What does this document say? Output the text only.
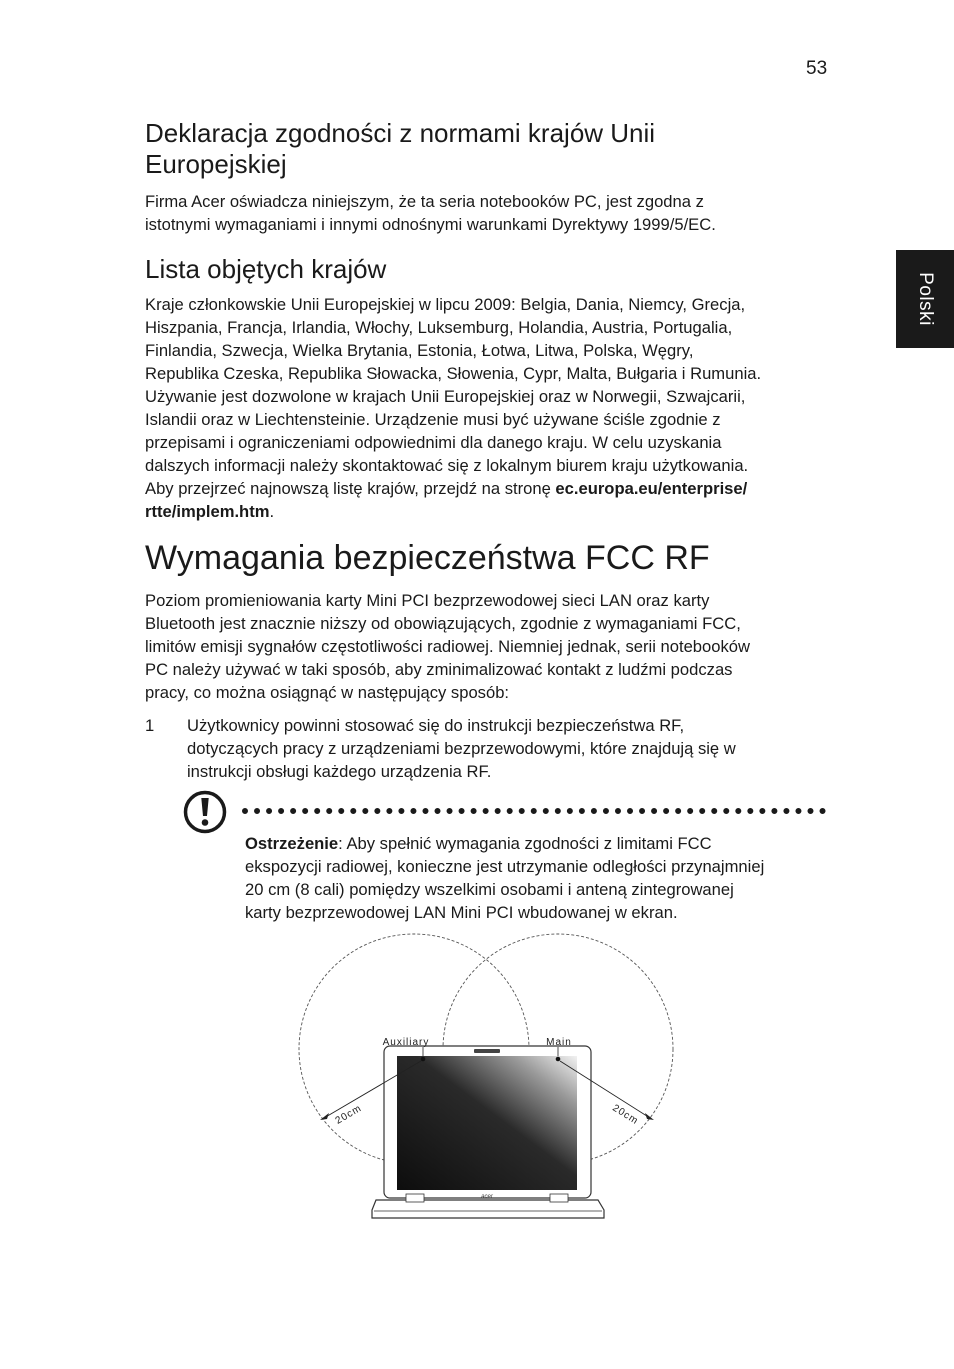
53
Polski
Deklaracja zgodności z normami krajów Unii
Europejskiej

Firma Acer oświadcza niniejszym, że ta seria notebooków PC, jest zgodna z
istotnymi wymaganiami i innymi odnośnymi warunkami Dyrektywy 1999/5/EC.

Lista objętych krajów

Kraje członkowskie Unii Europejskiej w lipcu 2009: Belgia, Dania, Niemcy, Grecja,
Hiszpania, Francja, Irlandia, Włochy, Luksemburg, Holandia, Austria, Portugalia,
Finlandia, Szwecja, Wielka Brytania, Estonia, Łotwa, Litwa, Polska, Węgry,
Republika Czeska, Republika Słowacka, Słowenia, Cypr, Malta, Bułgaria i Rumunia.
Używanie jest dozwolone w krajach Unii Europejskiej oraz w Norwegii, Szwajcarii,
Islandii oraz w Liechtensteinie. Urządzenie musi być używane ściśle zgodnie z
przepisami i ograniczeniami odpowiednimi dla danego kraju. W celu uzyskania
dalszych informacji należy skontaktować się z lokalnym biurem kraju użytkowania.
Aby przejrzeć najnowszą listę krajów, przejdź na stronę ec.europa.eu/enterprise/
rtte/implem.htm.

Wymagania bezpieczeństwa FCC RF

Poziom promieniowania karty Mini PCI bezprzewodowej sieci LAN oraz karty
Bluetooth jest znacznie niższy od obowiązujących, zgodnie z wymaganiami FCC,
limitów emisji sygnałów częstotliwości radiowej. Niemniej jednak, serii notebooków
PC należy używać w taki sposób, aby zminimalizować kontakt z ludźmi podczas
pracy, co można osiągnąć w następujący sposób:

1 Użytkownicy powinni stosować się do instrukcji bezpieczeństwa RF,
dotyczących pracy z urządzeniami bezprzewodowymi, które znajdują się w
instrukcji obsługi każdego urządzenia RF.
Ostrzeżenie: Aby spełnić wymagania zgodności z limitami FCC
ekspozycji radiowej, konieczne jest utrzymanie odległości przynajmniej
20 cm (8 cali) pomiędzy wszelkimi osobami i anteną zintegrowanej
karty bezprzewodowej LAN Mini PCI wbudowanej w ekran.
acer
Auxiliary	Main
20cm	20cm
